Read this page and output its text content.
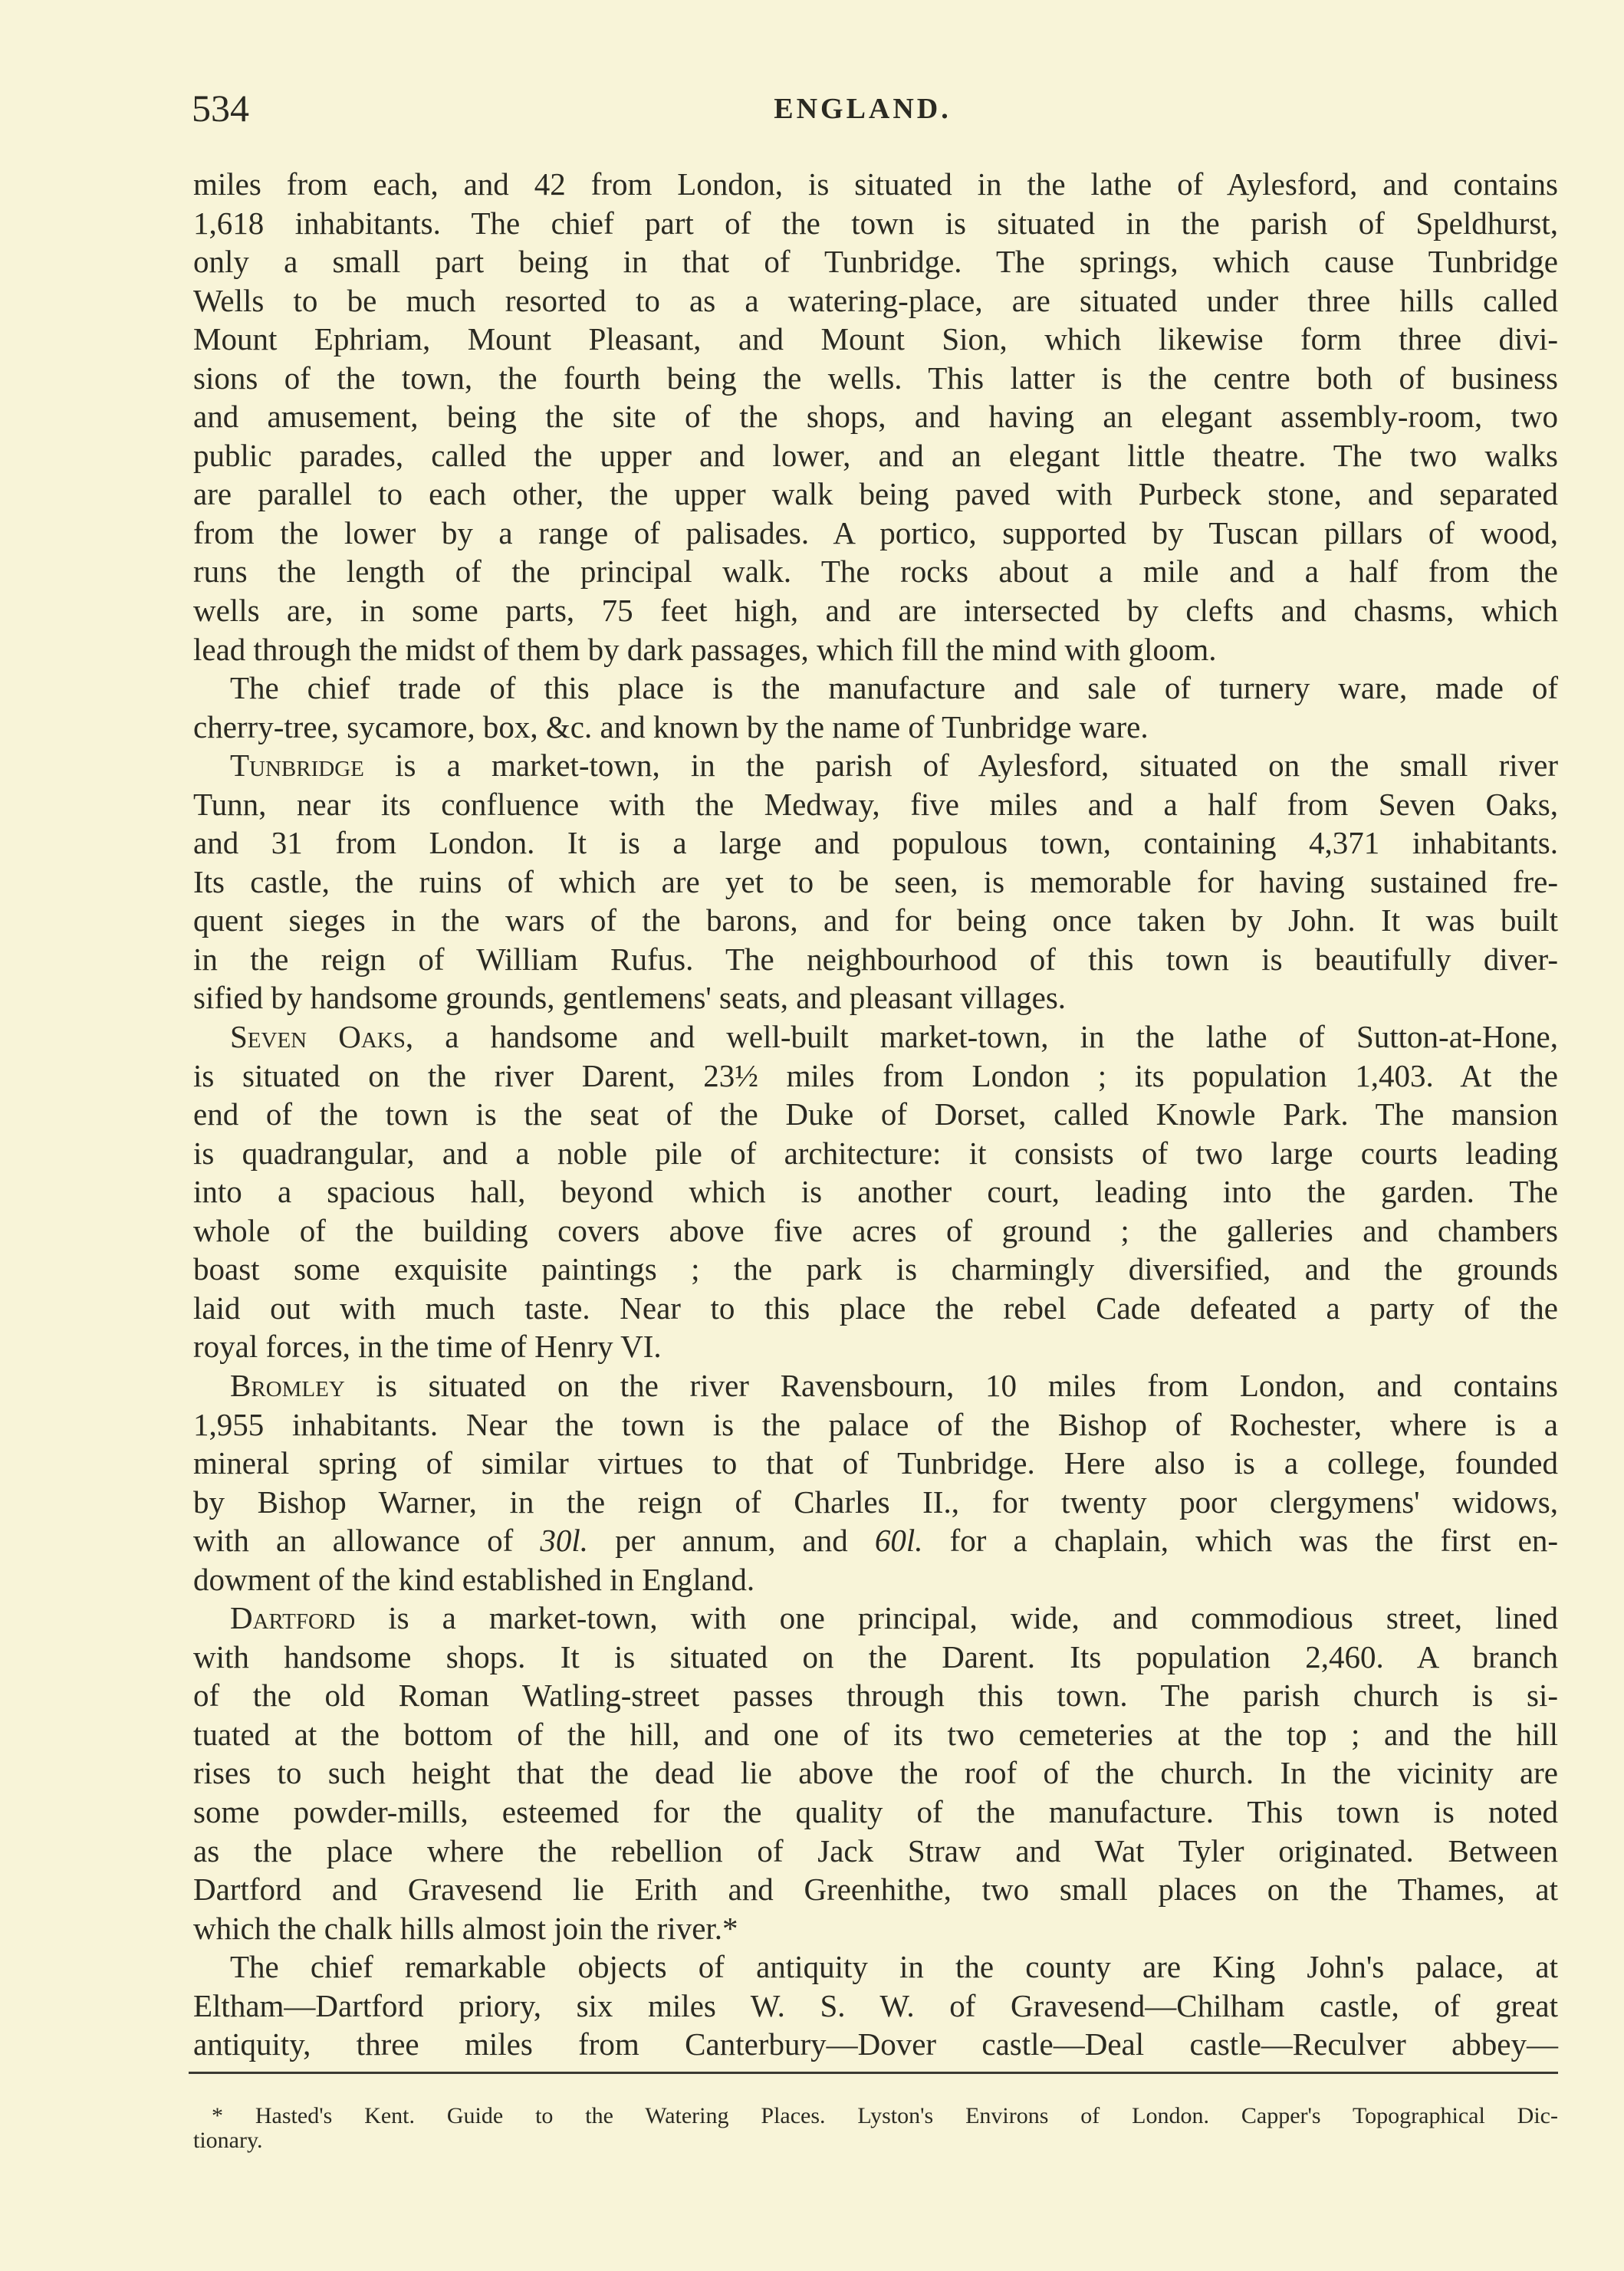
534	ENGLAND.
miles from each, and 42 from London, is situated in the lathe of Aylesford, and contains
1,618 inhabitants. The chief part of the town is situated in the parish of Speldhurst,
only a small part being in that of Tunbridge. The springs, which cause Tunbridge
Wells to be much resorted to as a watering-place, are situated under three hills called
Mount Ephriam, Mount Pleasant, and Mount Sion, which likewise form three divi-
sions of the town, the fourth being the wells. This latter is the centre both of business
and amusement, being the site of the shops, and having an elegant assembly-room, two
public parades, called the upper and lower, and an elegant little theatre. The two walks
are parallel to each other, the upper walk being paved with Purbeck stone, and separated
from the lower by a range of palisades. A portico, supported by Tuscan pillars of wood,
runs the length of the principal walk. The rocks about a mile and a half from the
wells are, in some parts, 75 feet high, and are intersected by clefts and chasms, which
lead through the midst of them by dark passages, which fill the mind with gloom.
The chief trade of this place is the manufacture and sale of turnery ware, made of
cherry-tree, sycamore, box, &c. and known by the name of Tunbridge ware.
Tunbridge is a market-town, in the parish of Aylesford, situated on the small river
Tunn, near its confluence with the Medway, five miles and a half from Seven Oaks,
and 31 from London. It is a large and populous town, containing 4,371 inhabitants.
Its castle, the ruins of which are yet to be seen, is memorable for having sustained fre-
quent sieges in the wars of the barons, and for being once taken by John. It was built
in the reign of William Rufus. The neighbourhood of this town is beautifully diver-
sified by handsome grounds, gentlemens' seats, and pleasant villages.
Seven Oaks, a handsome and well-built market-town, in the lathe of Sutton-at-Hone,
is situated on the river Darent, 23½ miles from London ; its population 1,403. At the
end of the town is the seat of the Duke of Dorset, called Knowle Park. The mansion
is quadrangular, and a noble pile of architecture: it consists of two large courts leading
into a spacious hall, beyond which is another court, leading into the garden. The
whole of the building covers above five acres of ground ; the galleries and chambers
boast some exquisite paintings ; the park is charmingly diversified, and the grounds
laid out with much taste. Near to this place the rebel Cade defeated a party of the
royal forces, in the time of Henry VI.
Bromley is situated on the river Ravensbourn, 10 miles from London, and contains
1,955 inhabitants. Near the town is the palace of the Bishop of Rochester, where is a
mineral spring of similar virtues to that of Tunbridge. Here also is a college, founded
by Bishop Warner, in the reign of Charles II., for twenty poor clergymens' widows,
with an allowance of 30l. per annum, and 60l. for a chaplain, which was the first en-
dowment of the kind established in England.
Dartford is a market-town, with one principal, wide, and commodious street, lined
with handsome shops. It is situated on the Darent. Its population 2,460. A branch
of the old Roman Watling-street passes through this town. The parish church is si-
tuated at the bottom of the hill, and one of its two cemeteries at the top ; and the hill
rises to such height that the dead lie above the roof of the church. In the vicinity are
some powder-mills, esteemed for the quality of the manufacture. This town is noted
as the place where the rebellion of Jack Straw and Wat Tyler originated. Between
Dartford and Gravesend lie Erith and Greenhithe, two small places on the Thames, at
which the chalk hills almost join the river.*
The chief remarkable objects of antiquity in the county are King John's palace, at
Eltham—Dartford priory, six miles W. S. W. of Gravesend—Chilham castle, of great
antiquity, three miles from Canterbury—Dover castle—Deal castle—Reculver abbey—
* Hasted's Kent. Guide to the Watering Places. Lyston's Environs of London. Capper's Topographical Dic-
tionary.
